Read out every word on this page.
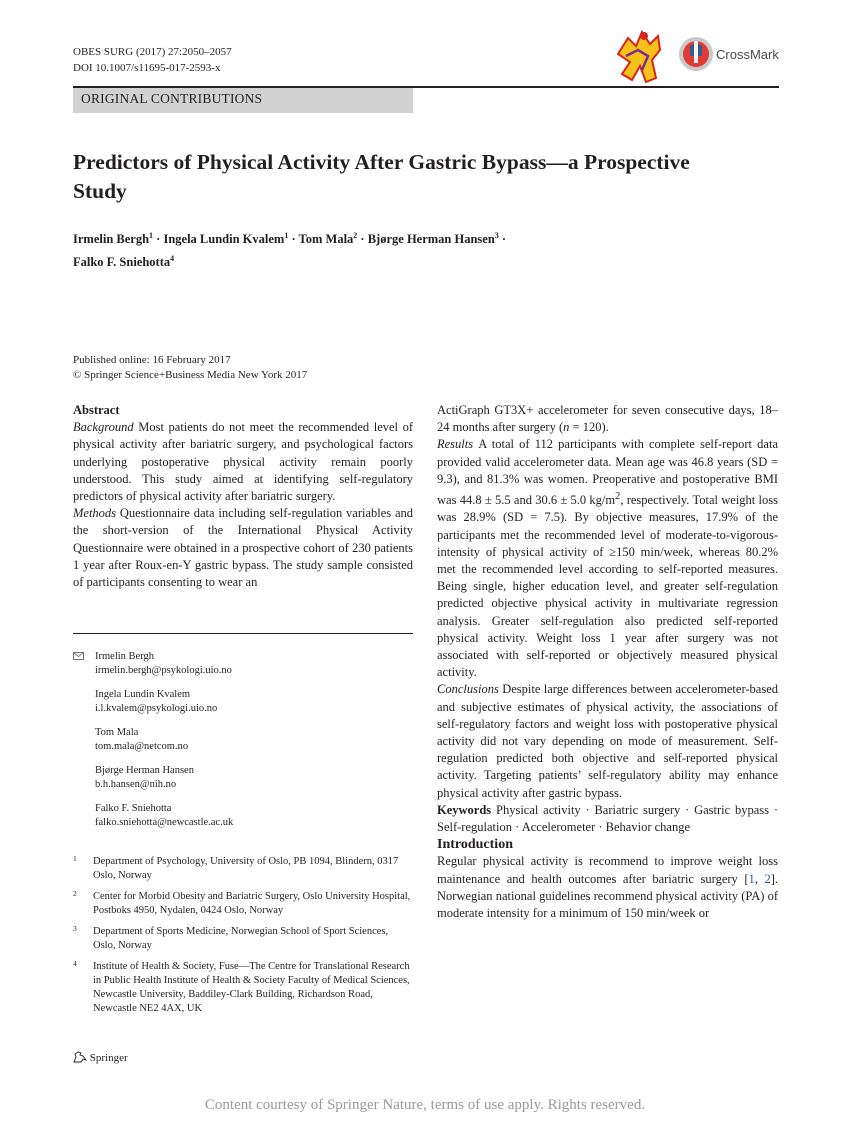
OBES SURG (2017) 27:2050–2057
DOI 10.1007/s11695-017-2593-x
CrossMark
ORIGINAL CONTRIBUTIONS
Predictors of Physical Activity After Gastric Bypass—a Prospective Study
Irmelin Bergh$^1$ · Ingela Lundin Kvalem$^1$ · Tom Mala$^2$ · Bjørge Herman Hansen$^3$ ·
Falko F. Sniehotta$^4$
Published online: 16 February 2017
© Springer Science+Business Media New York 2017

Abstract

Background Most patients do not meet the recommended level of physical activity after bariatric surgery, and psychological factors underlying postoperative physical activity remain poorly understood. This study aimed at identifying self-regulatory predictors of physical activity after bariatric surgery.

Methods Questionnaire data including self-regulation variables and the short-version of the International Physical Activity Questionnaire were obtained in a prospective cohort of 230 patients 1 year after Roux-en-Y gastric bypass. The study sample consisted of participants consenting to wear an

Irmelin Bergh
irmelin.bergh@psykologi.uio.no
Ingela Lundin Kvalem
i.l.kvalem@psykologi.uio.no
Tom Mala
tom.mala@netcom.no
Bjørge Herman Hansen
b.h.hansen@nih.no
Falko F. Sniehotta
falko.sniehotta@newcastle.ac.uk
1 Department of Psychology, University of Oslo, PB 1094, Blindern, 0317 Oslo, Norway
2 Center for Morbid Obesity and Bariatric Surgery, Oslo University Hospital, Postboks 4950, Nydalen, 0424 Oslo, Norway
3 Department of Sports Medicine, Norwegian School of Sport Sciences, Oslo, Norway
4 Institute of Health & Society, Fuse—The Centre for Translational Research in Public Health Institute of Health & Society Faculty of Medical Sciences, Newcastle University, Baddiley-Clark Building, Richardson Road, Newcastle NE2 4AX, UK

ActiGraph GT3X+ accelerometer for seven consecutive days, 18–24 months after surgery (n = 120).

Results A total of 112 participants with complete self-report data provided valid accelerometer data. Mean age was 46.8 years (SD = 9.3), and 81.3% was women. Preoperative and postoperative BMI was 44.8 ± 5.5 and 30.6 ± 5.0 $kg/m^2$, respectively. Total weight loss was 28.9% (SD = 7.5). By objective measures, 17.9% of the participants met the recommended level of moderate-to-vigorous-intensity of physical activity of ≥150 min/week, whereas 80.2% met the recommended level according to self-reported measures. Being single, higher education level, and greater self-regulation predicted objective physical activity in multivariate regression analysis. Greater self-regulation also predicted self-reported physical activity. Weight loss 1 year after surgery was not associated with self-reported or objectively measured physical activity.

Conclusions Despite large differences between accelerometer-based and subjective estimates of physical activity, the associations of self-regulatory factors and weight loss with postoperative physical activity did not vary depending on mode of measurement. Self-regulation predicted both objective and self-reported physical activity. Targeting patients’ self-regulatory ability may enhance physical activity after gastric bypass.

Keywords Physical activity · Bariatric surgery · Gastric bypass · Self-regulation · Accelerometer · Behavior change

Introduction

Regular physical activity is recommend to improve weight loss maintenance and health outcomes after bariatric surgery [1, 2]. Norwegian national guidelines recommend physical activity (PA) of moderate intensity for a minimum of 150 min/week or

Springer
Content courtesy of Springer Nature, terms of use apply. Rights reserved.
